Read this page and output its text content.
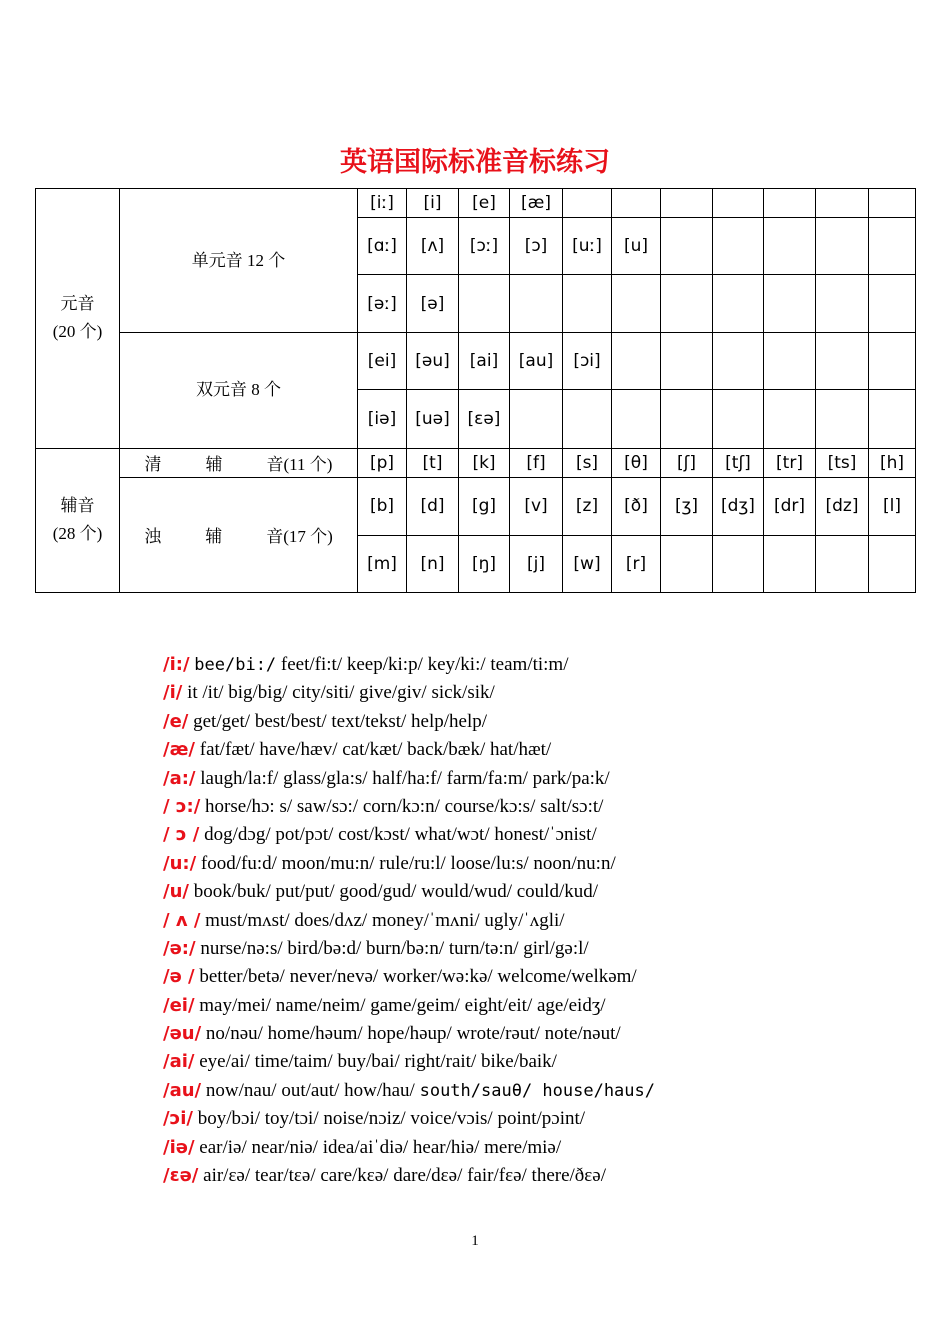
英语国际标准音标练习
元音
(20 个)	单元音 12 个	[iː]	[i]	[e]	[æ]							
		[ɑː]	[ʌ]	[ɔː]	[ɔ]	[uː]	[u]					
		[əː]	[ə]									
	双元音 8 个	[ei]	[əu]	[ai]	[au]	[ɔi]						
		[iə]	[uə]	[εə]								
辅音
(28 个)	清 辅 音(11 个)	[p]	[t]	[k]	[f]	[s]	[θ]	[ʃ]	[tʃ]	[tr]	[ts]	[h]
	浊 辅 音(17 个)	[b]	[d]	[g]	[v]	[z]	[ð]	[ʒ]	[dʒ]	[dr]	[dz]	[l]
		[m]	[n]	[ŋ]	[j]	[w]	[r]					
/i:/ bee/bi:/ feet/fi:t/ keep/ki:p/ key/ki:/ team/ti:m/
/i/ it /it/ big/big/ city/siti/ give/giv/ sick/sik/
/e/ get/get/ best/best/ text/tekst/ help/help/
/æ/ fat/fæt/ have/hæv/ cat/kæt/ back/bæk/ hat/hæt/
/a:/ laugh/la:f/ glass/gla:s/ half/ha:f/ farm/fa:m/ park/pa:k/
/ ɔ:/ horse/hɔ: s/ saw/sɔ:/ corn/kɔ:n/ course/kɔ:s/ salt/sɔ:t/
/ ɔ / dog/dɔg/ pot/pɔt/ cost/kɔst/ what/wɔt/ honest/ˈɔnist/
/u:/ food/fu:d/ moon/mu:n/ rule/ru:l/ loose/lu:s/ noon/nu:n/
/u/ book/buk/ put/put/ good/gud/ would/wud/ could/kud/
/ ʌ / must/mʌst/ does/dʌz/ money/ˈmʌni/ ugly/ˈʌgli/
/ə:/ nurse/nə:s/ bird/bə:d/ burn/bə:n/ turn/tə:n/ girl/gə:l/
/ə / better/betə/ never/nevə/ worker/wə:kə/ welcome/welkəm/
/ei/ may/mei/ name/neim/ game/geim/ eight/eit/ age/eidʒ/
/əu/ no/nəu/ home/həum/ hope/həup/ wrote/rəut/ note/nəut/
/ai/ eye/ai/ time/taim/ buy/bai/ right/rait/ bike/baik/
/au/ now/nau/ out/aut/ how/hau/ south/sauθ/ house/haus/
/ɔi/ boy/bɔi/ toy/tɔi/ noise/nɔiz/ voice/vɔis/ point/pɔint/
/iə/ ear/iə/ near/niə/ idea/aiˈdiə/ hear/hiə/ mere/miə/
/εə/ air/εə/ tear/tεə/ care/kεə/ dare/dεə/ fair/fεə/ there/ðεə/
1
